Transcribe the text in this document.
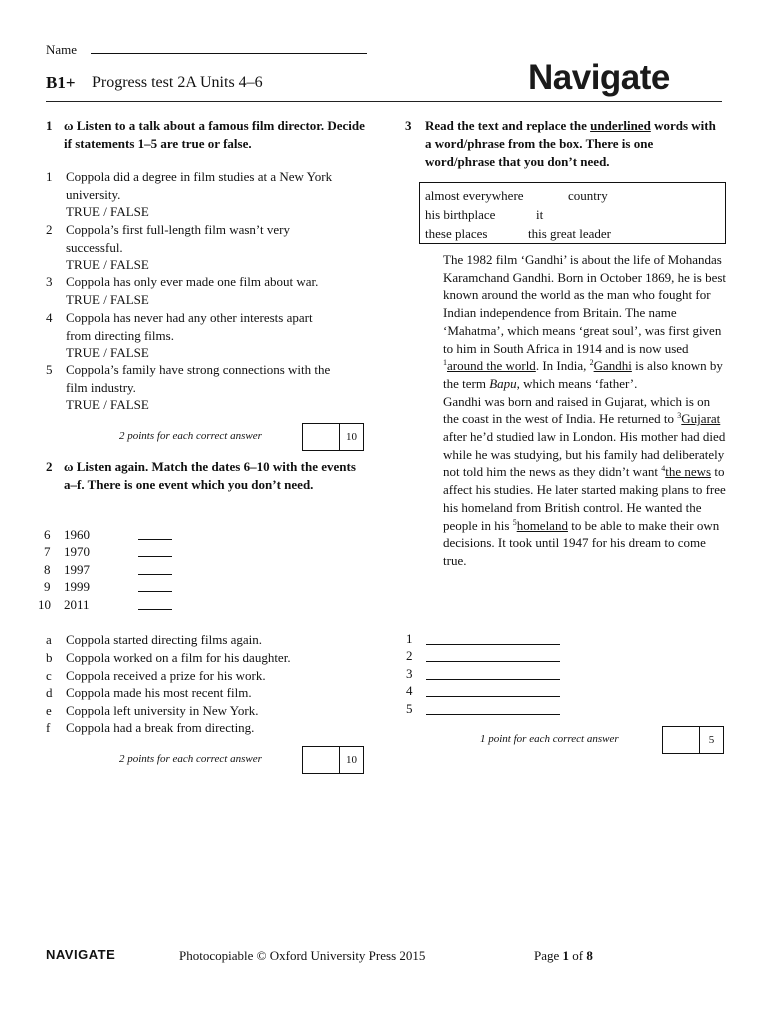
Name
B1+ Progress test 2A Units 4–6	Navigate
1 ω Listen to a talk about a famous film director. Decide if statements 1–5 are true or false.
1 Coppola did a degree in film studies at a New York
university.
TRUE / FALSE
2 Coppola’s first full-length film wasn’t very
successful.
TRUE / FALSE
3 Coppola has only ever made one film about war.
TRUE / FALSE
4 Coppola has never had any other interests apart
from directing films.
TRUE / FALSE
5 Coppola’s family have strong connections with the
film industry.
TRUE / FALSE
2 points for each correct answer	10
2 ω Listen again. Match the dates 6–10 with the events a–f. There is one event which you don’t need.
6	1960
7	1970
8	1997
9	1999
10 2011
a Coppola started directing films again.
b Coppola worked on a film for his daughter.
c Coppola received a prize for his work.
d Coppola made his most recent film.
e Coppola left university in New York.
f Coppola had a break from directing.
2 points for each correct answer	10
3 Read the text and replace the underlined words with a word/phrase from the box. There is one word/phrase that you don’t need.
almost everywhere	country
his birthplace	it
these places	this great leader
The 1982 film ‘Gandhi’ is about the life of Mohandas Karamchand Gandhi. Born in October 1869, he is best known around the world as the man who fought for Indian independence from Britain. The name ‘Mahatma’, which means ‘great soul’, was first given to him in South Africa in 1914 and is now used $^1$around the world. In India, $^2$Gandhi is also known by the term Bapu, which means ‘father’.
Gandhi was born and raised in Gujarat, which is on the coast in the west of India. He returned to $^3$Gujarat after he’d studied law in London. His mother had died while he was studying, but his family had deliberately not told him the news as they didn’t want $^4$the news to affect his studies. He later started making plans to free his homeland from British control. He wanted the people in his $^5$homeland to be able to make their own decisions. It took until 1947 for his dream to come true.
1
2
3
4
5
1 point for each correct answer	5
NAVIGATE	Photocopiable © Oxford University Press 2015	Page 1 of 8
